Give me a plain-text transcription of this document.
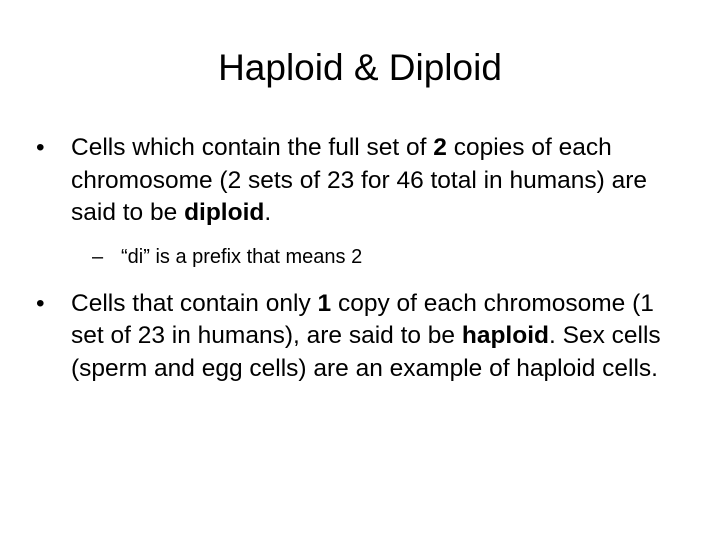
Haploid & Diploid
•	Cells which contain the full set of 2 copies of each chromosome (2 sets of 23 for 46 total in humans) are said to be diploid.
– “di” is a prefix that means 2
•	Cells that contain only 1 copy of each chromosome (1 set of 23 in humans), are said to be haploid. Sex cells (sperm and egg cells) are an example of haploid cells.
